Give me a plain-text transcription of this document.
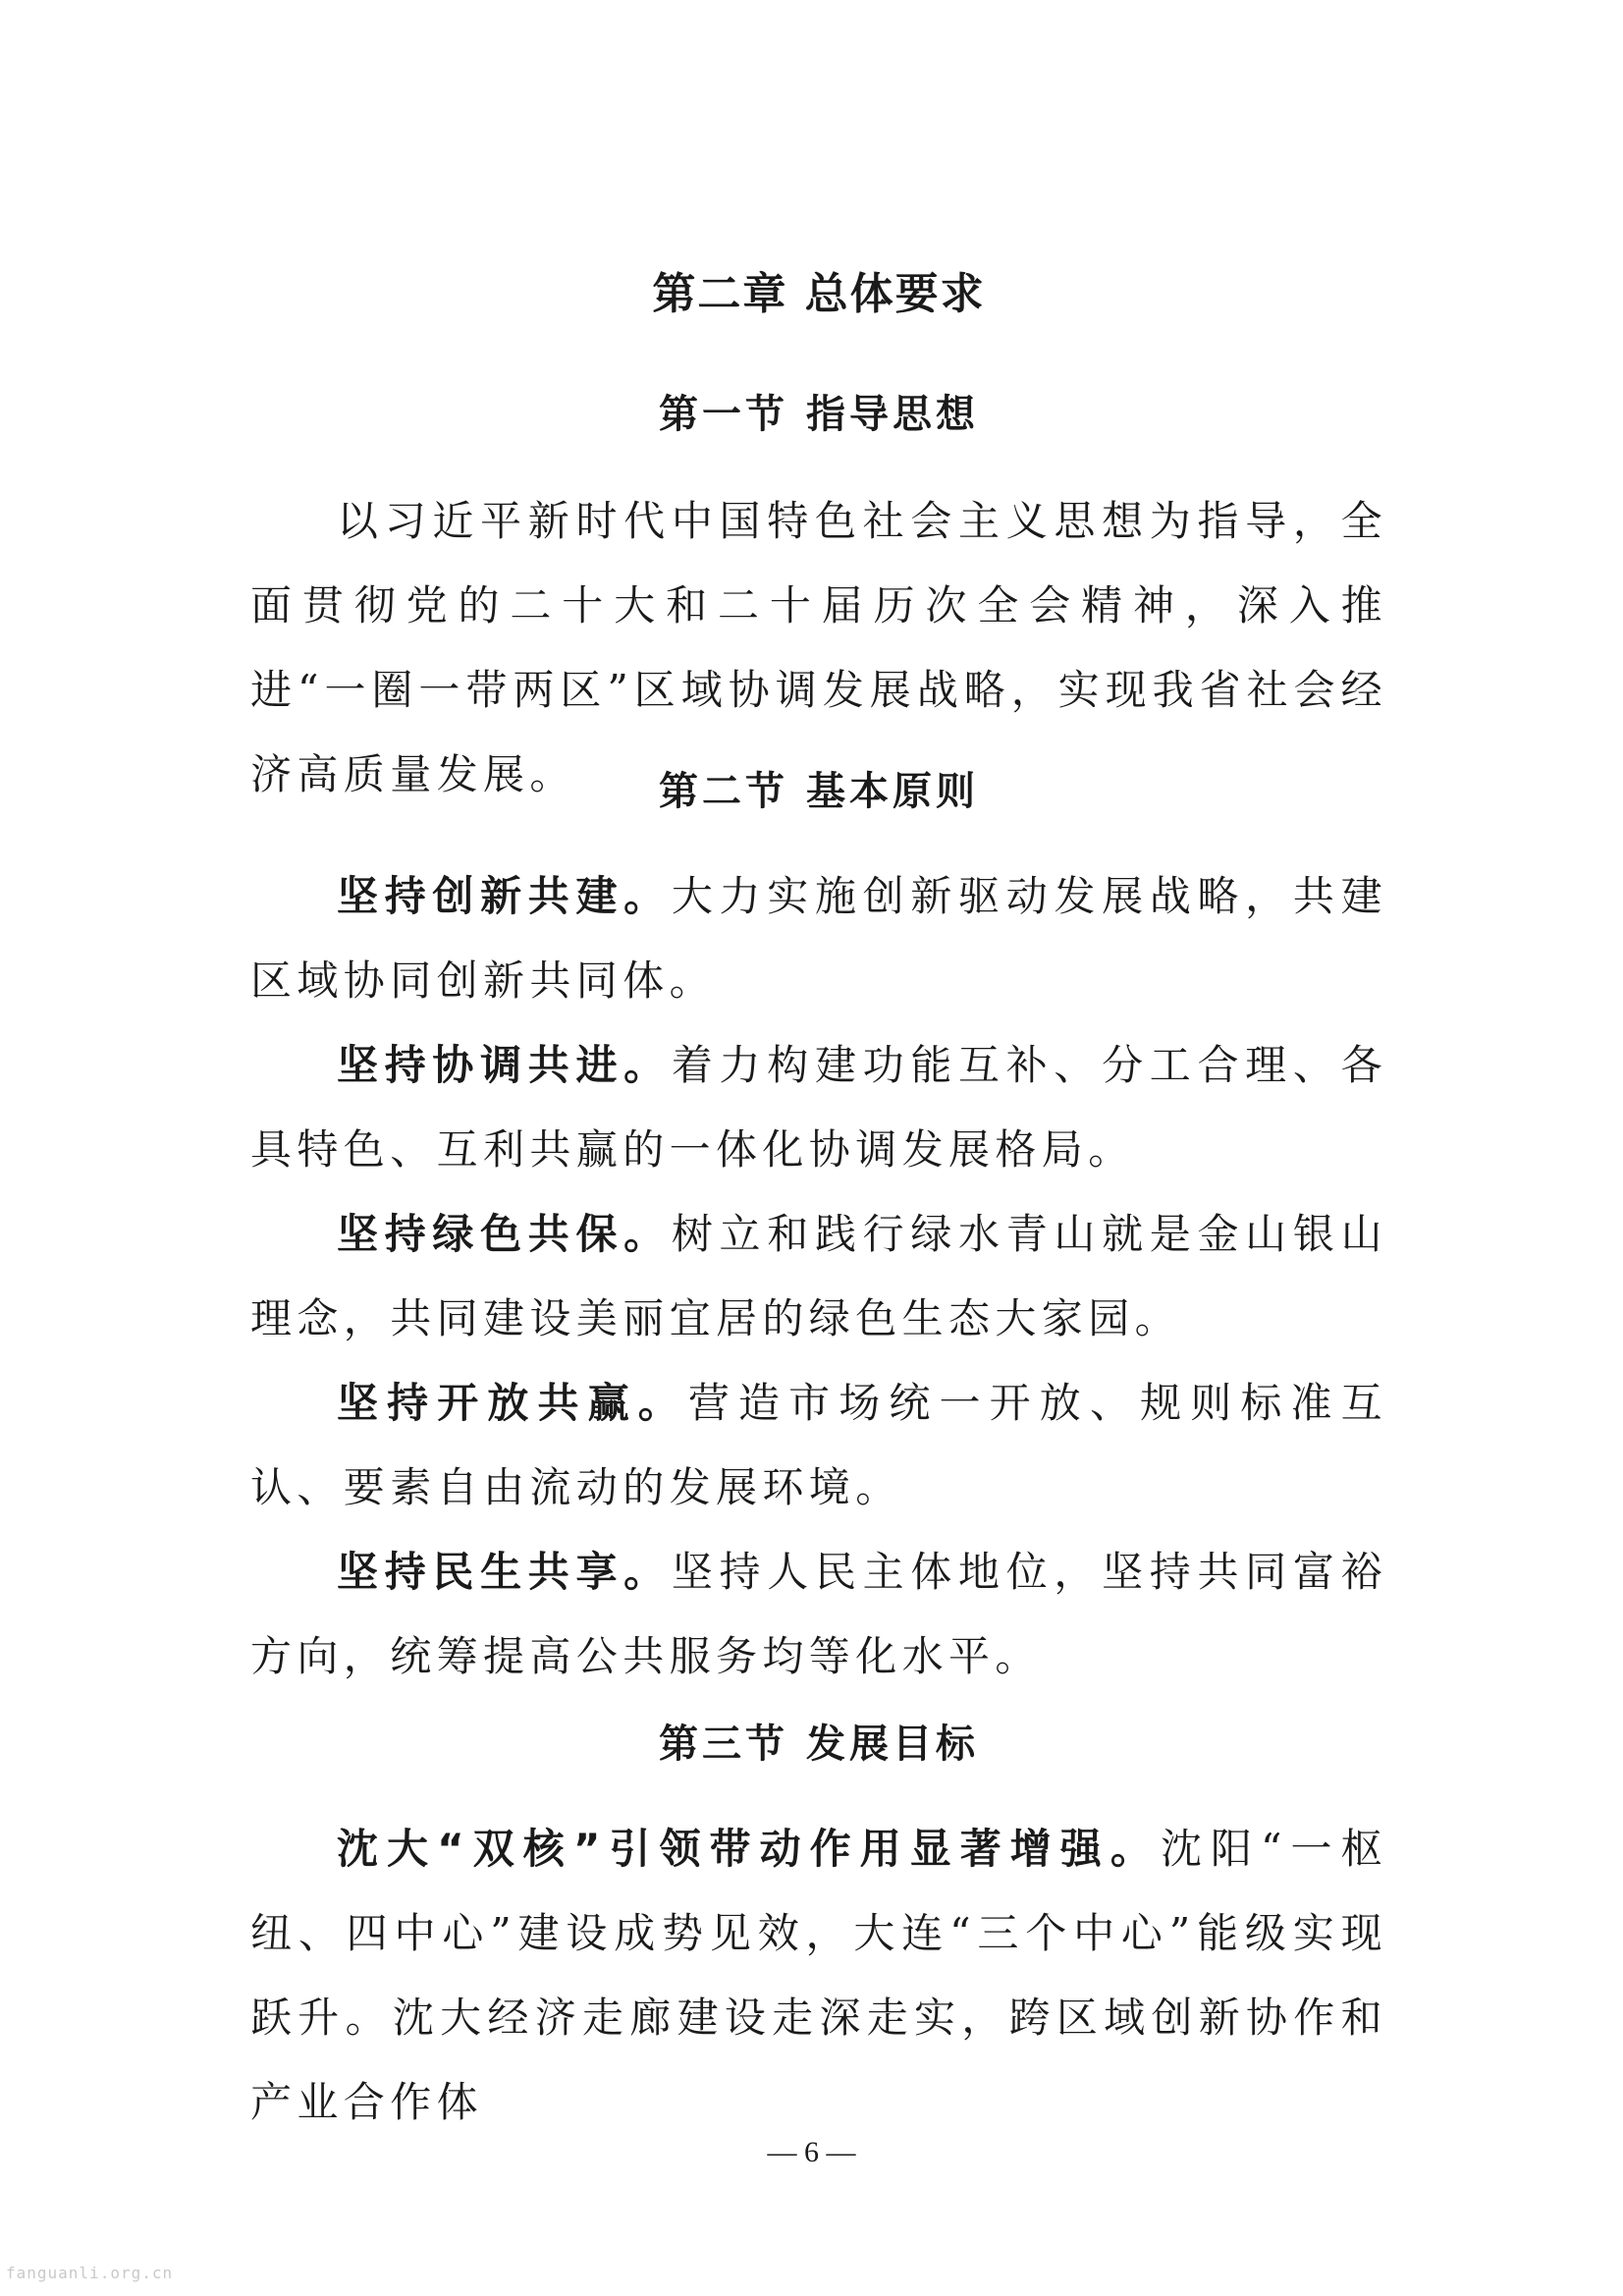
第二章 总体要求
第一节 指导思想

以习近平新时代中国特色社会主义思想为指导，全面贯彻党的二十大和二十届历次全会精神，深入推进“一圈一带两区”区域协调发展战略，实现我省社会经济高质量发展。	第二节 基本原则

坚持创新共建。大力实施创新驱动发展战略，共建区域协同创新共同体。

坚持协调共进。着力构建功能互补、分工合理、各具特色、互利共赢的一体化协调发展格局。

坚持绿色共保。树立和践行绿水青山就是金山银山理念，共同建设美丽宜居的绿色生态大家园。

坚持开放共赢。营造市场统一开放、规则标准互认、要素自由流动的发展环境。

坚持民生共享。坚持人民主体地位，坚持共同富裕方向，统筹提高公共服务均等化水平。

第三节 发展目标

沈大“双核”引领带动作用显著增强。沈阳“一枢纽、四中心”建设成势见效，大连“三个中心”能级实现跃升。沈大经济走廊建设走深走实，跨区域创新协作和产业合作体

— 6 —
fanguanli.org.cn
